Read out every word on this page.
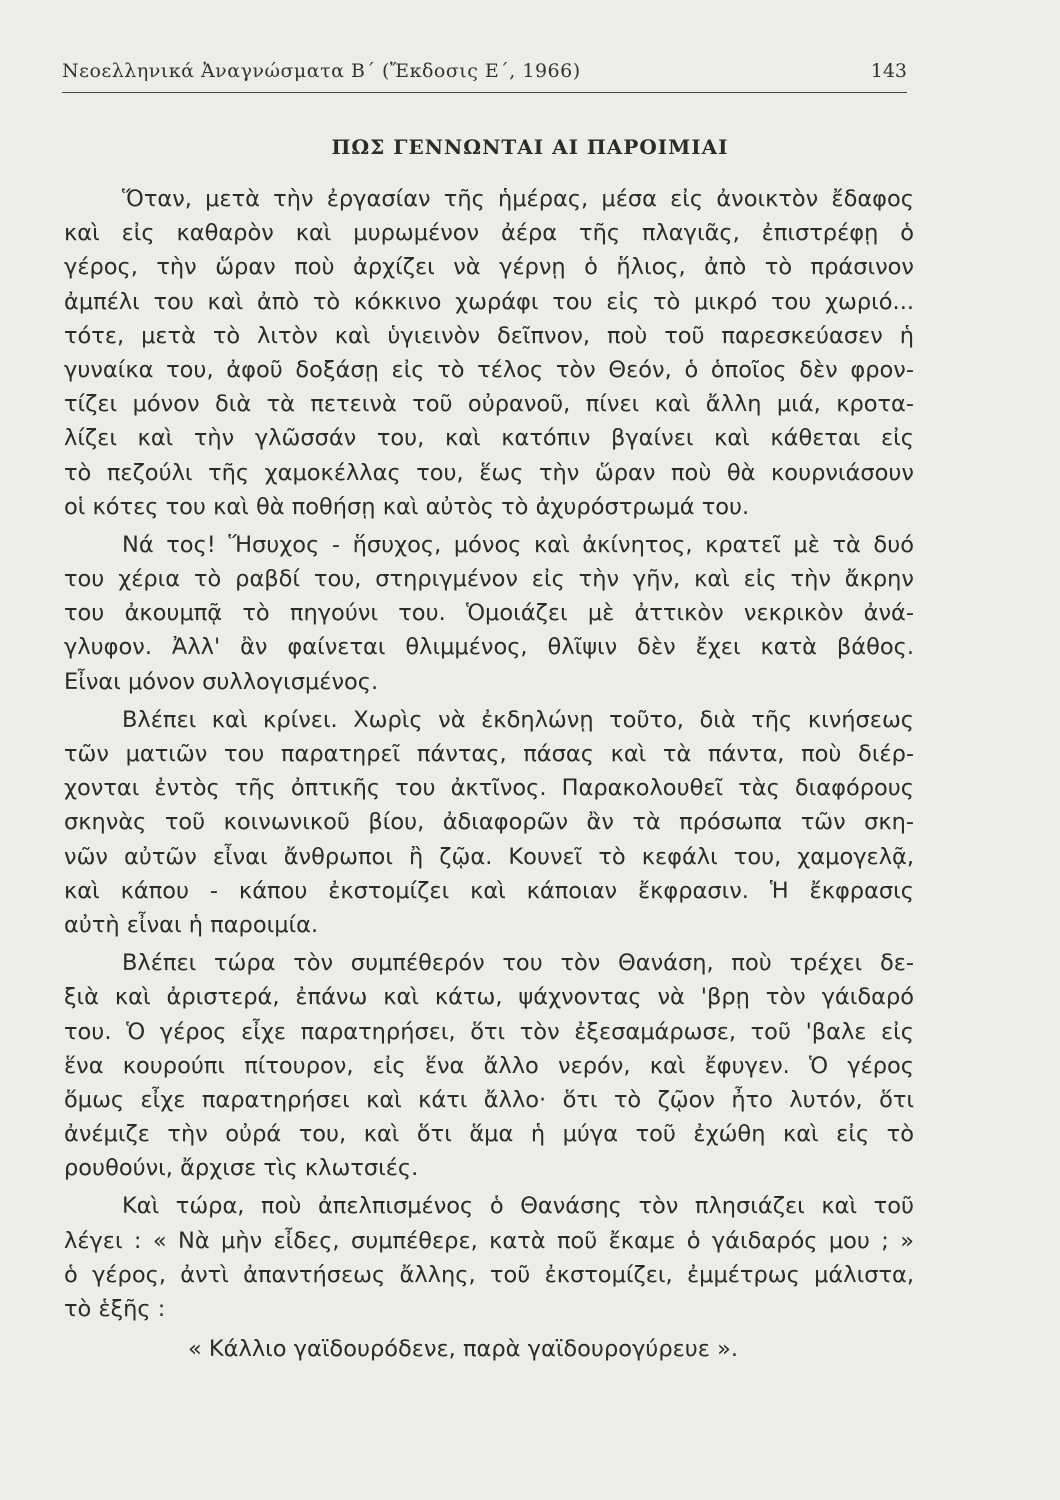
Νεοελληνικά Ἀναγνώσματα Β΄ (Ἔκδοσις Ε΄, 1966)	143
ΠΩΣ ΓΕΝΝΩΝΤΑΙ ΑΙ ΠΑΡΟΙΜΙΑΙ
Ὅταν, μετὰ τὴν ἐργασίαν τῆς ἡμέρας, μέσα εἰς ἀνοικτὸν ἔδαφος
καὶ εἰς καθαρὸν καὶ μυρωμένον ἀέρα τῆς πλαγιᾶς, ἐπιστρέφῃ ὁ
γέρος, τὴν ὥραν ποὺ ἀρχίζει νὰ γέρνῃ ὁ ἥλιος, ἀπὸ τὸ πράσινον
ἀμπέλι του καὶ ἀπὸ τὸ κόκκινο χωράφι του εἰς τὸ μικρό του χωριό...
τότε, μετὰ τὸ λιτὸν καὶ ὑγιεινὸν δεῖπνον, ποὺ τοῦ παρεσκεύασεν ἡ
γυναίκα του, ἀφοῦ δοξάσῃ εἰς τὸ τέλος τὸν Θεόν, ὁ ὁποῖος δὲν φρον-
τίζει μόνον διὰ τὰ πετεινὰ τοῦ οὐρανοῦ, πίνει καὶ ἄλλη μιά, κροτα-
λίζει καὶ τὴν γλῶσσάν του, καὶ κατόπιν βγαίνει καὶ κάθεται εἰς
τὸ πεζούλι τῆς χαμοκέλλας του, ἕως τὴν ὥραν ποὺ θὰ κουρνιάσουν
οἱ κότες του καὶ θὰ ποθήσῃ καὶ αὐτὸς τὸ ἀχυρόστρωμά του.
Νά τος! Ἥσυχος - ἥσυχος, μόνος καὶ ἀκίνητος, κρατεῖ μὲ τὰ δυό
του χέρια τὸ ραβδί του, στηριγμένον εἰς τὴν γῆν, καὶ εἰς τὴν ἄκρην
του ἀκουμπᾷ τὸ πηγούνι του. Ὁμοιάζει μὲ ἀττικὸν νεκρικὸν ἀνά-
γλυφον. Ἀλλ' ἂν φαίνεται θλιμμένος, θλῖψιν δὲν ἔχει κατὰ βάθος.
Εἶναι μόνον συλλογισμένος.
Βλέπει καὶ κρίνει. Χωρὶς νὰ ἐκδηλώνῃ τοῦτο, διὰ τῆς κινήσεως
τῶν ματιῶν του παρατηρεῖ πάντας, πάσας καὶ τὰ πάντα, ποὺ διέρ-
χονται ἐντὸς τῆς ὀπτικῆς του ἀκτῖνος. Παρακολουθεῖ τὰς διαφόρους
σκηνὰς τοῦ κοινωνικοῦ βίου, ἀδιαφορῶν ἂν τὰ πρόσωπα τῶν σκη-
νῶν αὐτῶν εἶναι ἄνθρωποι ἢ ζῷα. Κουνεῖ τὸ κεφάλι του, χαμογελᾷ,
καὶ κάπου - κάπου ἐκστομίζει καὶ κάποιαν ἔκφρασιν. Ἡ ἔκφρασις
αὐτὴ εἶναι ἡ παροιμία.
Βλέπει τώρα τὸν συμπέθερόν του τὸν Θανάση, ποὺ τρέχει δε-
ξιὰ καὶ ἀριστερά, ἐπάνω καὶ κάτω, ψάχνοντας νὰ 'βρῃ τὸν γάιδαρό
του. Ὁ γέρος εἶχε παρατηρήσει, ὅτι τὸν ἐξεσαμάρωσε, τοῦ 'βαλε εἰς
ἕνα κουρούπι πίτουρον, εἰς ἕνα ἄλλο νερόν, καὶ ἔφυγεν. Ὁ γέρος
ὅμως εἶχε παρατηρήσει καὶ κάτι ἄλλο· ὅτι τὸ ζῷον ἦτο λυτόν, ὅτι
ἀνέμιζε τὴν οὐρά του, καὶ ὅτι ἅμα ἡ μύγα τοῦ ἐχώθη καὶ εἰς τὸ
ρουθούνι, ἄρχισε τὶς κλωτσιές.
Καὶ τώρα, ποὺ ἀπελπισμένος ὁ Θανάσης τὸν πλησιάζει καὶ τοῦ
λέγει : « Νὰ μὴν εἶδες, συμπέθερε, κατὰ ποῦ ἔκαμε ὁ γάιδαρός μου ; »
ὁ γέρος, ἀντὶ ἀπαντήσεως ἄλλης, τοῦ ἐκστομίζει, ἐμμέτρως μάλιστα,
τὸ ἑξῆς :
« Κάλλιο γαϊδουρόδενε, παρὰ γαϊδουρογύρευε ».
